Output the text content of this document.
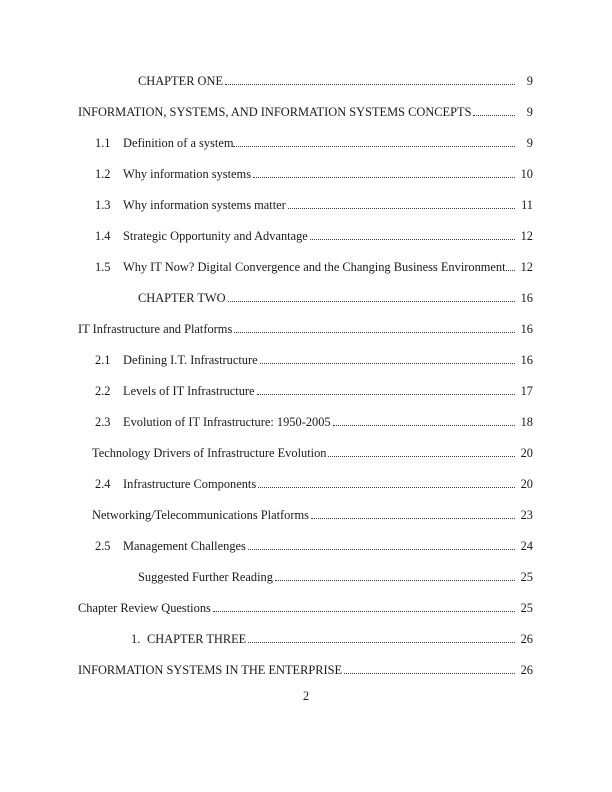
CHAPTER ONE	9
INFORMATION, SYSTEMS, AND INFORMATION SYSTEMS CONCEPTS	9
1.1	Definition of a system	9
1.2	Why information systems	10
1.3	Why information systems matter	11
1.4	Strategic Opportunity and Advantage	12
1.5	Why IT Now? Digital Convergence and the Changing Business Environment 12
CHAPTER TWO	16
IT Infrastructure and Platforms	16
2.1	Defining I.T. Infrastructure	16
2.2	Levels of IT Infrastructure	17
2.3	Evolution of IT Infrastructure: 1950-2005	18
Technology Drivers of Infrastructure Evolution	20
2.4	Infrastructure Components	20
Networking/Telecommunications Platforms	23
2.5	Management Challenges	24
Suggested Further Reading	25
Chapter Review Questions	25
1. CHAPTER THREE	26
INFORMATION SYSTEMS IN THE ENTERPRISE	26
2
